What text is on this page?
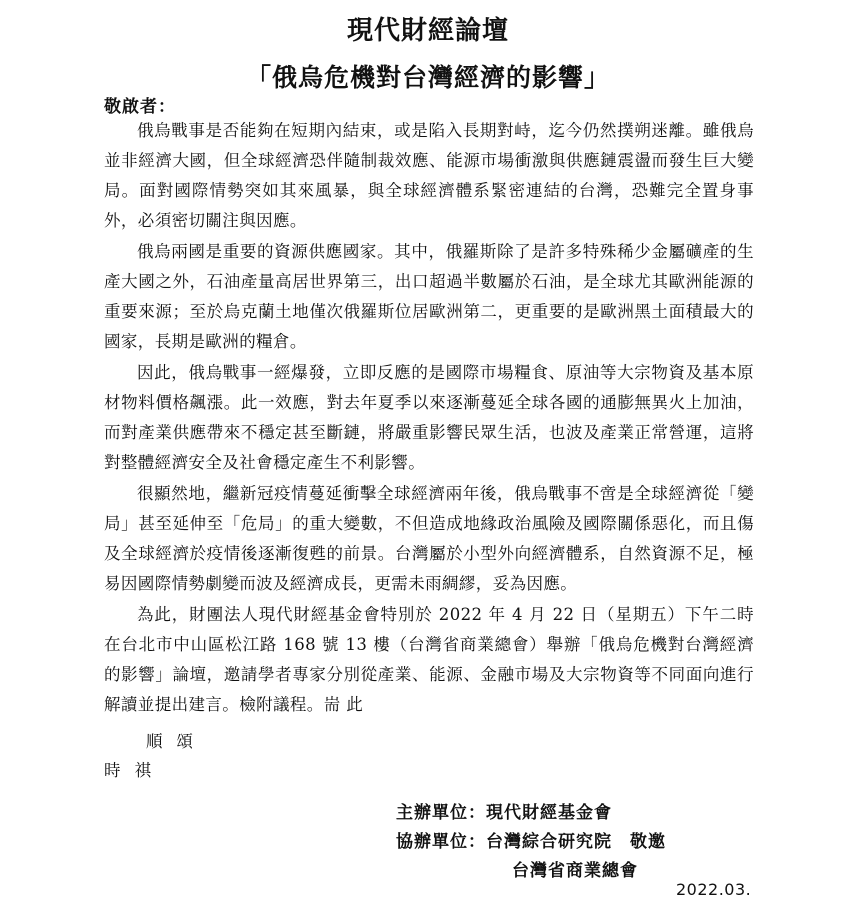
現代財經論壇
「俄烏危機對台灣經濟的影響」
敬啟者：

俄烏戰事是否能夠在短期內結束，或是陷入長期對峙，迄今仍然撲朔迷離。雖俄烏並非經濟大國，但全球經濟恐伴隨制裁效應、能源市場衝激與供應鏈震盪而發生巨大變局。面對國際情勢突如其來風暴，與全球經濟體系緊密連結的台灣，恐難完全置身事外，必須密切關注與因應。

俄烏兩國是重要的資源供應國家。其中，俄羅斯除了是許多特殊稀少金屬礦產的生產大國之外，石油產量高居世界第三，出口超過半數屬於石油，是全球尤其歐洲能源的重要來源；至於烏克蘭土地僅次俄羅斯位居歐洲第二，更重要的是歐洲黑土面積最大的國家，長期是歐洲的糧倉。

因此，俄烏戰事一經爆發，立即反應的是國際市場糧食、原油等大宗物資及基本原材物料價格飆漲。此一效應，對去年夏季以來逐漸蔓延全球各國的通膨無異火上加油，而對產業供應帶來不穩定甚至斷鏈，將嚴重影響民眾生活，也波及產業正常營運，這將對整體經濟安全及社會穩定產生不利影響。

很顯然地，繼新冠疫情蔓延衝擊全球經濟兩年後，俄烏戰事不啻是全球經濟從「變局」甚至延伸至「危局」的重大變數，不但造成地緣政治風險及國際關係惡化，而且傷及全球經濟於疫情後逐漸復甦的前景。台灣屬於小型外向經濟體系，自然資源不足，極易因國際情勢劇變而波及經濟成長，更需未雨綢繆，妥為因應。

為此，財團法人現代財經基金會特別於 2022 年 4 月 22 日（星期五）下午二時在台北市中山區松江路 168 號 13 樓（台灣省商業總會）舉辦「俄烏危機對台灣經濟的影響」論壇，邀請學者專家分別從產業、能源、金融市場及大宗物資等不同面向進行解讀並提出建言。檢附議程。耑 此

順頌
時祺
主辦單位：現代財經基金會
協辦單位：台灣綜合研究院　敬邀
台灣省商業總會
2022.03.
